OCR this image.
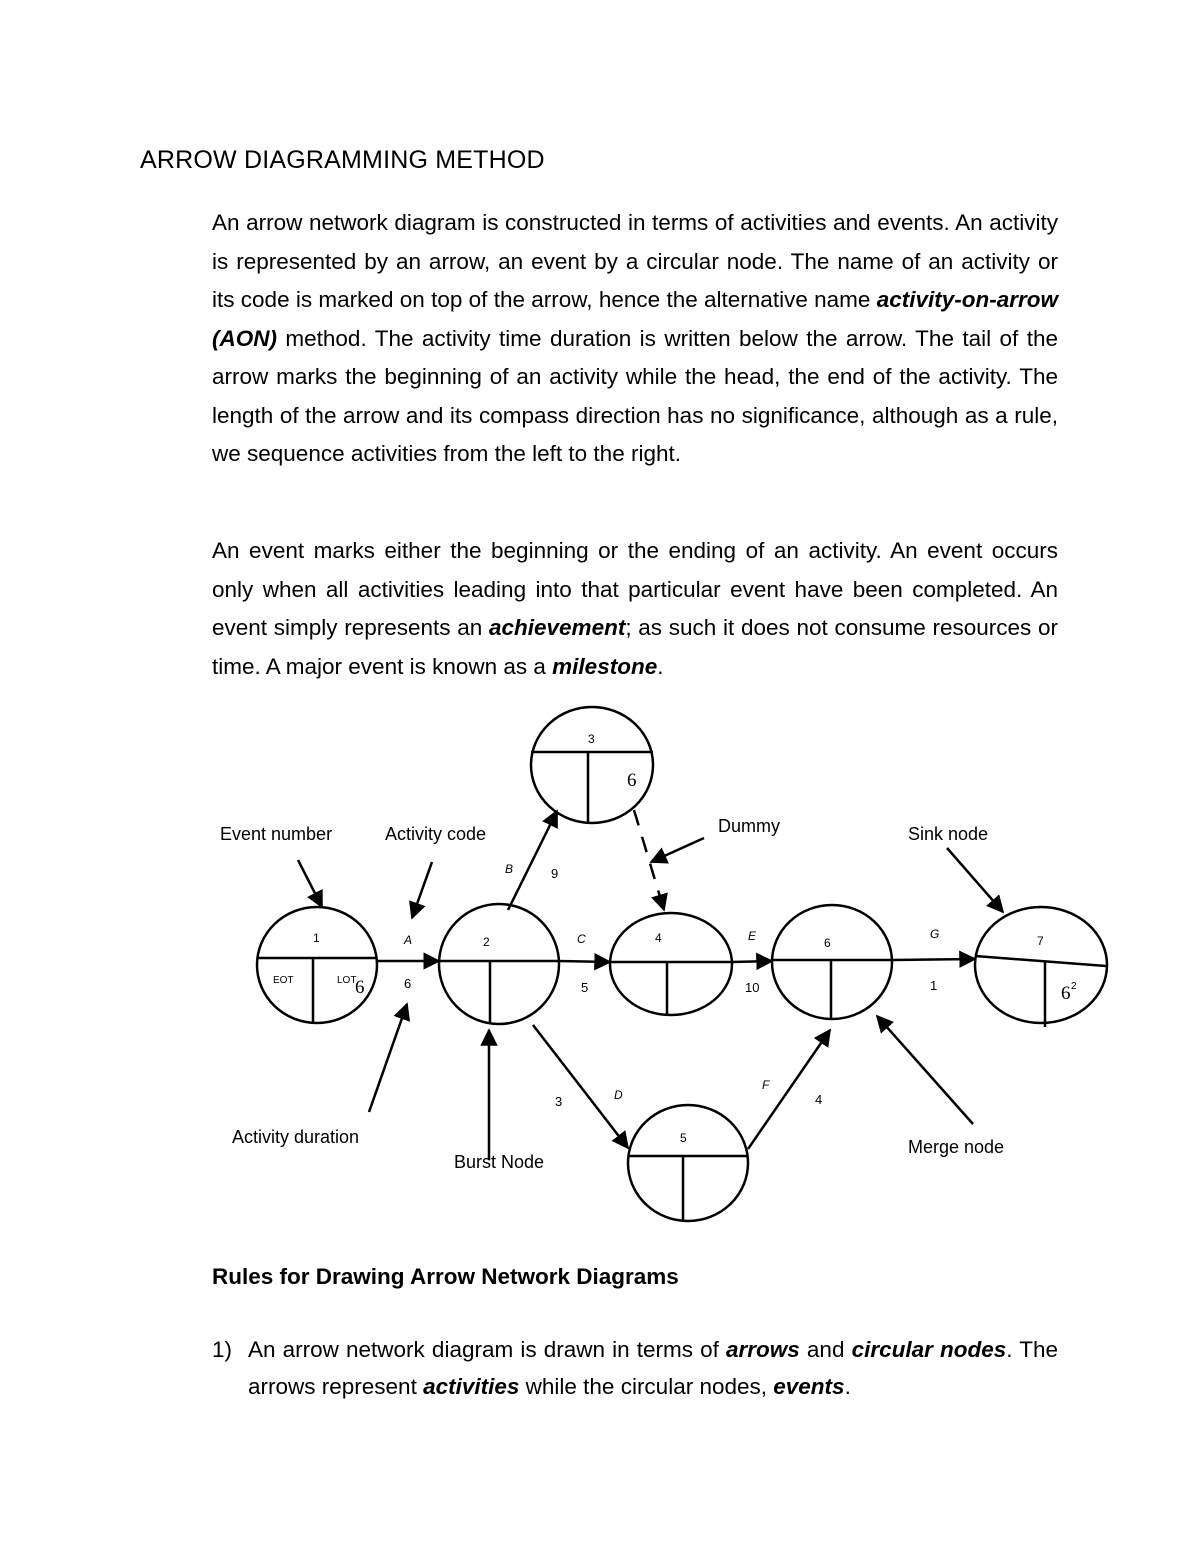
ARROW DIAGRAMMING METHOD

An arrow network diagram is constructed in terms of activities and events. An activity is represented by an arrow, an event by a circular node. The name of an activity or its code is marked on top of the arrow, hence the alternative name activity-on-arrow (AON) method. The activity time duration is written below the arrow. The tail of the arrow marks the beginning of an activity while the head, the end of the activity. The length of the arrow and its compass direction has no significance, although as a rule, we sequence activities from the left to the right.

An event marks either the beginning or the ending of an activity. An event occurs only when all activities leading into that particular event have been completed. An event simply represents an achievement; as such it does not consume resources or time. A major event is known as a milestone.

Event number	Activity code	Dummy	Sink node
Activity duration
Burst Node
Merge node
1	2
3
4
5
6	7
EOT	LOT
6
6
6 2
A
B
C
D
E
F
G
6
9
5
3
10
4
1
Rules for Drawing Arrow Network Diagrams
1) An arrow network diagram is drawn in terms of arrows and circular nodes. The arrows represent activities while the circular nodes, events.
